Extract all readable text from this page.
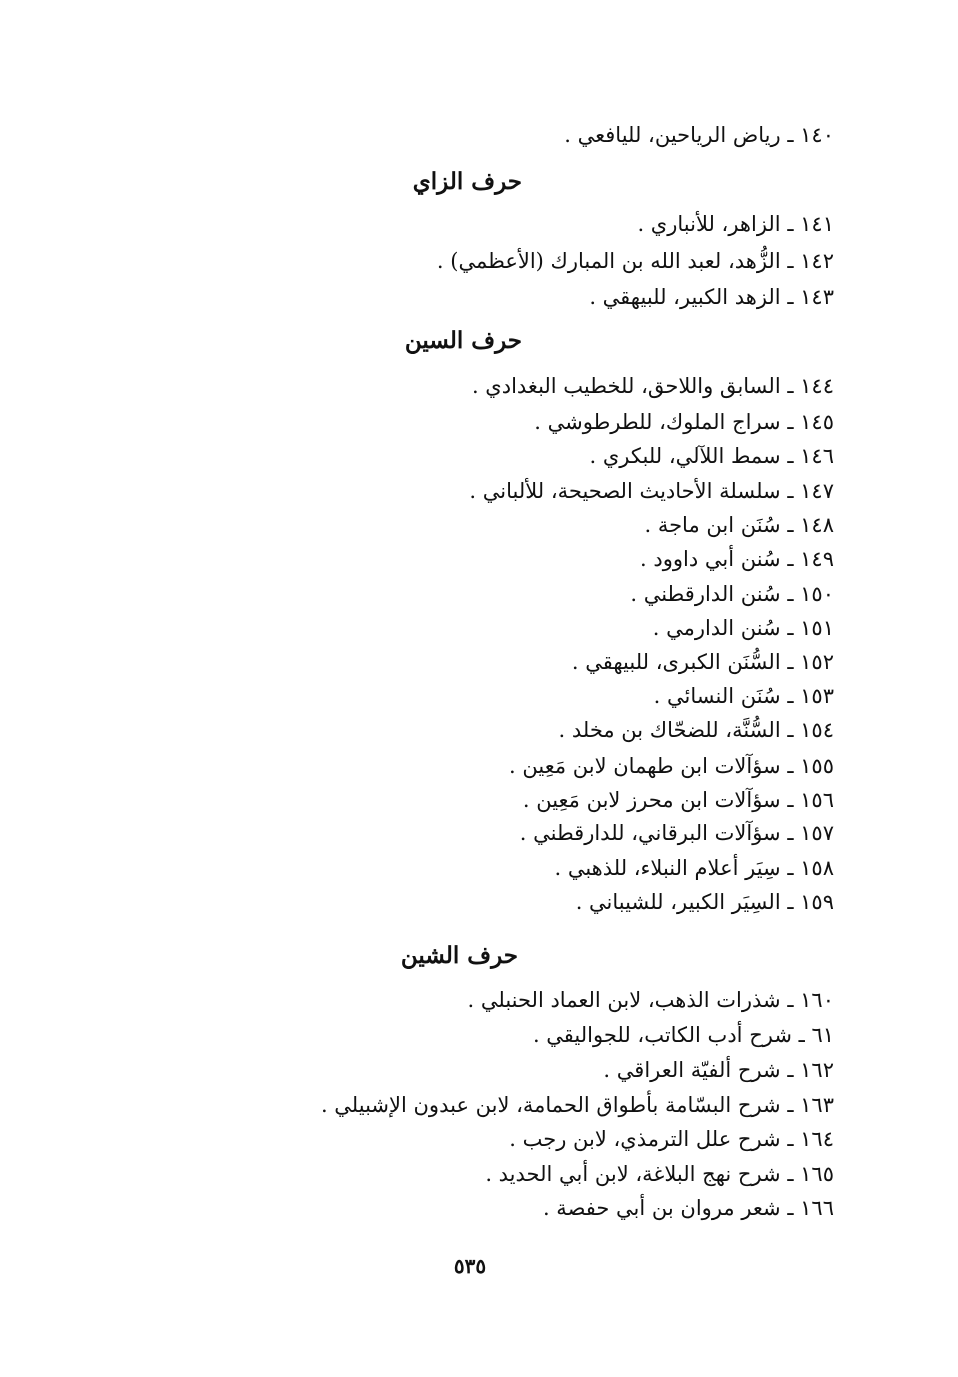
١٤٠ ـ رياض الرياحين، لليافعي .
حرف الزاي
١٤١ ـ الزاهر، للأنباري .
١٤٢ ـ الزُّهد، لعبد الله بن المبارك (الأعظمي) .
١٤٣ ـ الزهد الكبير، للبيهقي .
حرف السين
١٤٤ ـ السابق واللاحق، للخطيب البغدادي .
١٤٥ ـ سراج الملوك، للطرطوشي .
١٤٦ ـ سمط اللآلي، للبكري .
١٤٧ ـ سلسلة الأحاديث الصحيحة، للألباني .
١٤٨ ـ سُنَن ابن ماجة .
١٤٩ ـ سُنن أبي داوود .
١٥٠ ـ سُنن الدارقطني .
١٥١ ـ سُنن الدارمي .
١٥٢ ـ السُّنَن الكبرى، للبيهقي .
١٥٣ ـ سُنَن النسائي .
١٥٤ ـ السُّنَّة، للضحّاك بن مخلد .
١٥٥ ـ سؤآلات ابن طهمان لابن مَعِين .
١٥٦ ـ سؤآلات ابن محرز لابن مَعِين .
١٥٧ ـ سؤآلات البرقاني، للدارقطني .
١٥٨ ـ سِيَر أعلام النبلاء، للذهبي .
١٥٩ ـ السِيَر الكبير، للشيباني .
حرف الشين
١٦٠ ـ شذرات الذهب، لابن العماد الحنبلي .
٦١ ـ شرح أدب الكاتب، للجواليقي .
١٦٢ ـ شرح ألفيّة العراقي .
١٦٣ ـ شرح البسّامة بأطواق الحمامة، لابن عبدون الإشبيلي .
١٦٤ ـ شرح علل الترمذي، لابن رجب .
١٦٥ ـ شرح نهج البلاغة، لابن أبي الحديد .
١٦٦ ـ شعر مروان بن أبي حفصة .
٥٣٥
